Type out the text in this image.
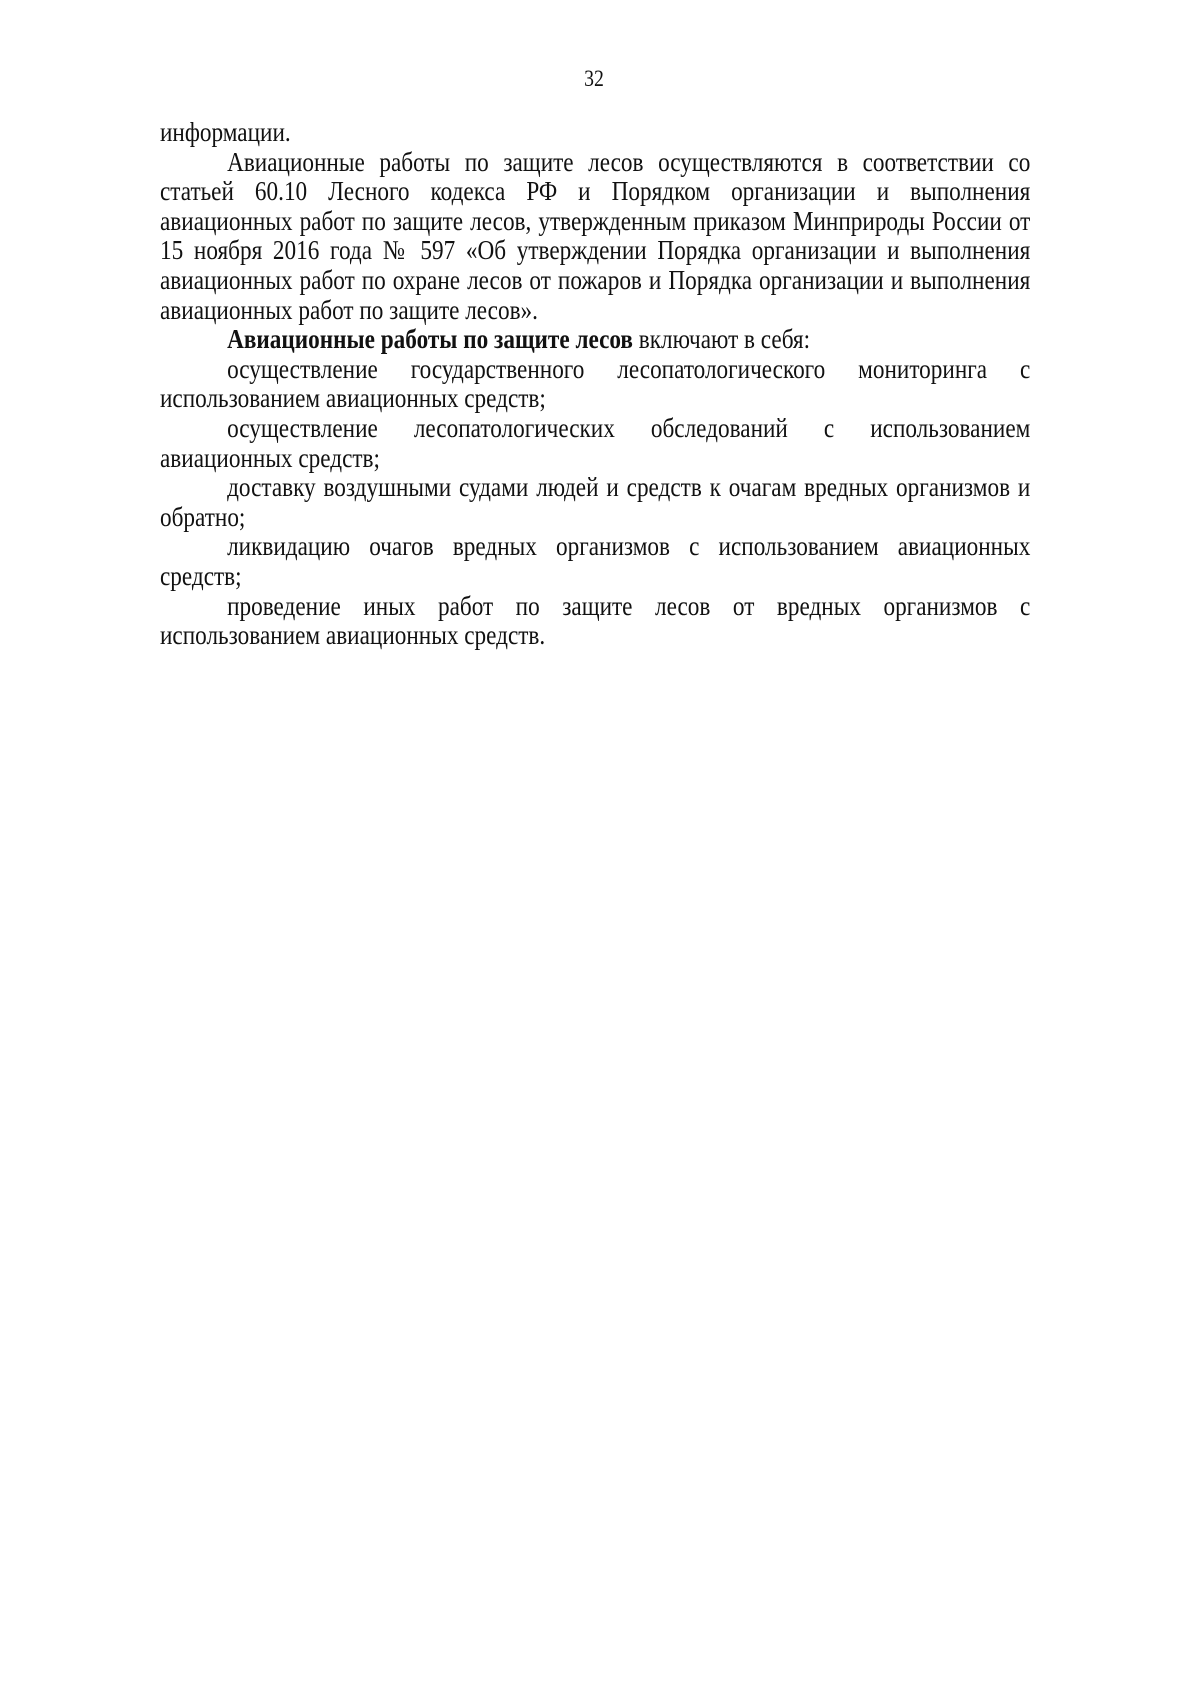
32

информации.

Авиационные работы по защите лесов осуществляются в соответствии со статьей 60.10 Лесного кодекса РФ и Порядком организации и выполнения авиационных работ по защите лесов, утвержденным приказом Минприроды России от 15 ноября 2016 года № 597 «Об утверждении Порядка организации и выполнения авиационных работ по охране лесов от пожаров и Порядка организации и выполнения авиационных работ по защите лесов».

Авиационные работы по защите лесов включают в себя:

осуществление государственного лесопатологического мониторинга с использованием авиационных средств;

осуществление лесопатологических обследований с использованием авиационных средств;

доставку воздушными судами людей и средств к очагам вредных организмов и обратно;

ликвидацию очагов вредных организмов с использованием авиационных средств;

проведение иных работ по защите лесов от вредных организмов с использованием авиационных средств.
